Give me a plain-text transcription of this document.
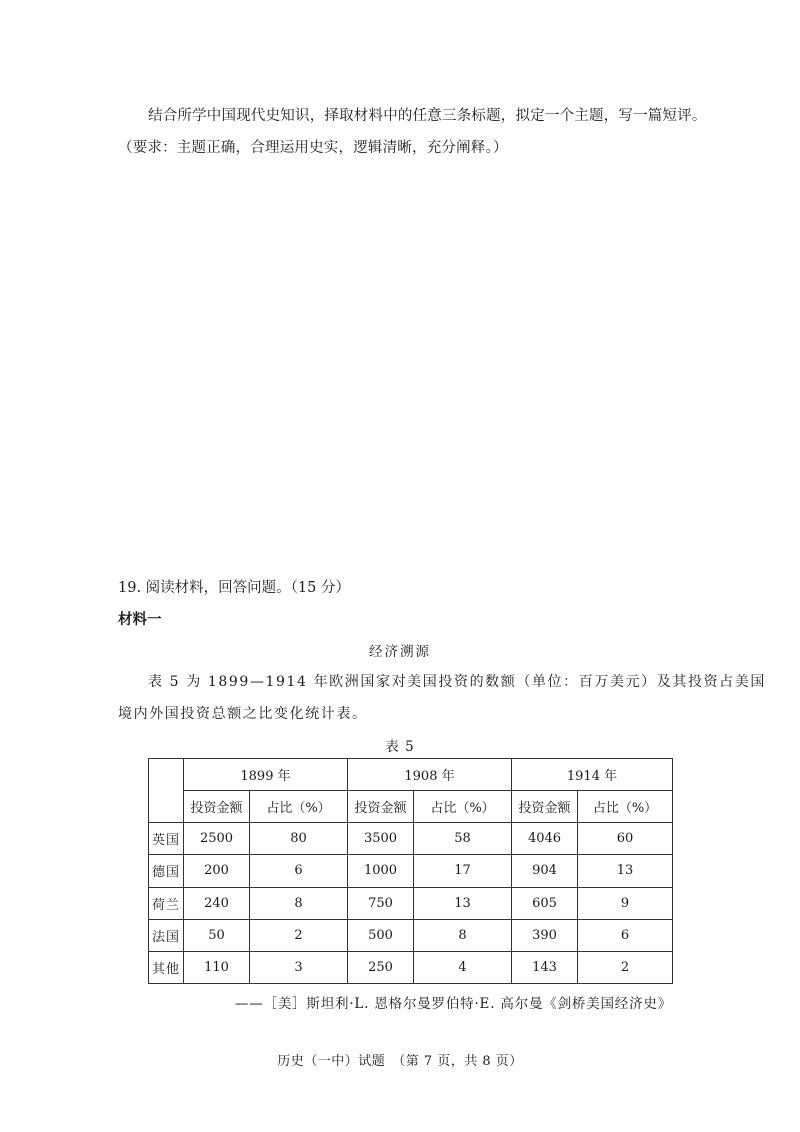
结合所学中国现代史知识，择取材料中的任意三条标题，拟定一个主题，写一篇短评。
（要求：主题正确，合理运用史实，逻辑清晰，充分阐释。）
19. 阅读材料，回答问题。（15 分）
材料一
经济溯源
表 5 为 1899—1914 年欧洲国家对美国投资的数额（单位：百万美元）及其投资占美国
境内外国投资总额之比变化统计表。
表 5
	1899 年		1908 年		1914 年	
	投资金额	占比（%）	投资金额	占比（%）	投资金额	占比（%）
英国	2500	80	3500	58	4046	60
德国	200	6	1000	17	904	13
荷兰	240	8	750	13	605	9
法国	50	2	500	8	390	6
其他	110	3	250	4	143	2
——［美］斯坦利·L. 恩格尔曼罗伯特·E. 高尔曼《剑桥美国经济史》
历史（一中）试题　（第 7 页，共 8 页）
